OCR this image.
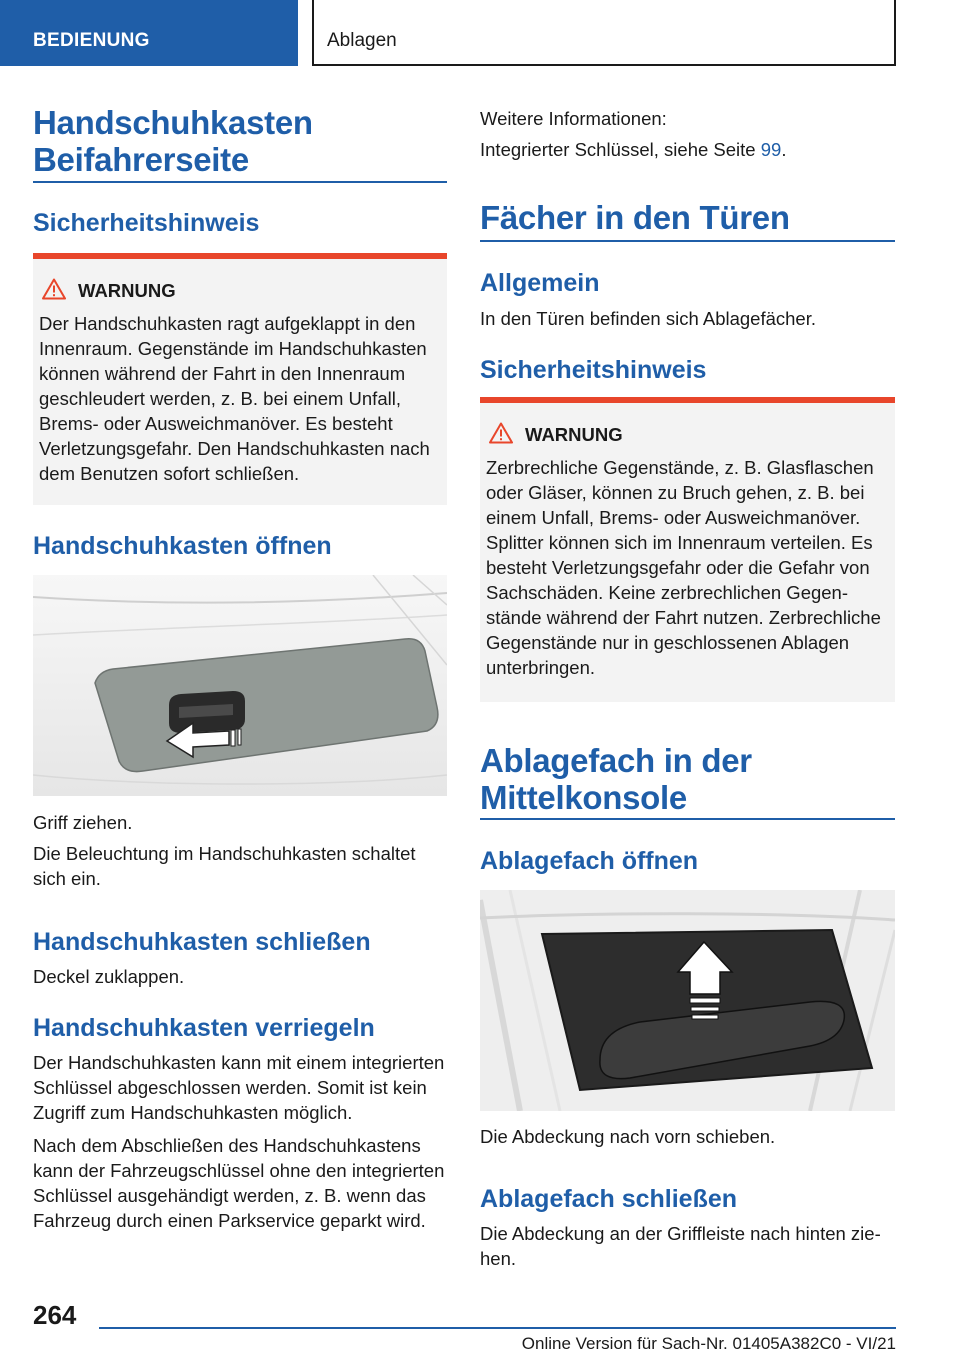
BEDIENUNG	Ablagen
Handschuhkasten Beifahrerseite
Sicherheitshinweis
WARNUNG
Der Handschuhkasten ragt aufgeklappt in den Innenraum. Gegenstände im Handschuhkasten können während der Fahrt in den Innenraum geschleudert werden, z. B. bei einem Unfall, Brems- oder Ausweichmanöver. Es besteht Verletzungsgefahr. Den Handschuhkasten nach dem Benutzen sofort schließen.
Handschuhkasten öffnen
Griff ziehen.
Die Beleuchtung im Handschuhkasten schaltet sich ein.
Handschuhkasten schließen
Deckel zuklappen.
Handschuhkasten verriegeln
Der Handschuhkasten kann mit einem integrierten Schlüssel abgeschlossen werden. Somit ist kein Zugriff zum Handschuhkasten möglich.
Nach dem Abschließen des Handschuhkastens kann der Fahrzeugschlüssel ohne den integrierten Schlüssel ausgehändigt werden, z. B. wenn das Fahrzeug durch einen Parkservice geparkt wird.
Weitere Informationen:
Integrierter Schlüssel, siehe Seite 99.
Fächer in den Türen
Allgemein
In den Türen befinden sich Ablagefächer.
Sicherheitshinweis
WARNUNG
Zerbrechliche Gegenstände, z. B. Glasflaschen oder Gläser, können zu Bruch gehen, z. B. bei einem Unfall, Brems- oder Ausweichmanöver. Splitter können sich im Innenraum verteilen. Es besteht Verletzungsgefahr oder die Gefahr von Sachschäden. Keine zerbrechlichen Gegenstände während der Fahrt nutzen. Zerbrechliche Gegenstände nur in geschlossenen Ablagen unterbringen.
Ablagefach in der Mittelkonsole
Ablagefach öffnen
Die Abdeckung nach vorn schieben.
Ablagefach schließen
Die Abdeckung an der Griffleiste nach hinten ziehen.
264
Online Version für Sach-Nr. 01405A382C0 - VI/21
